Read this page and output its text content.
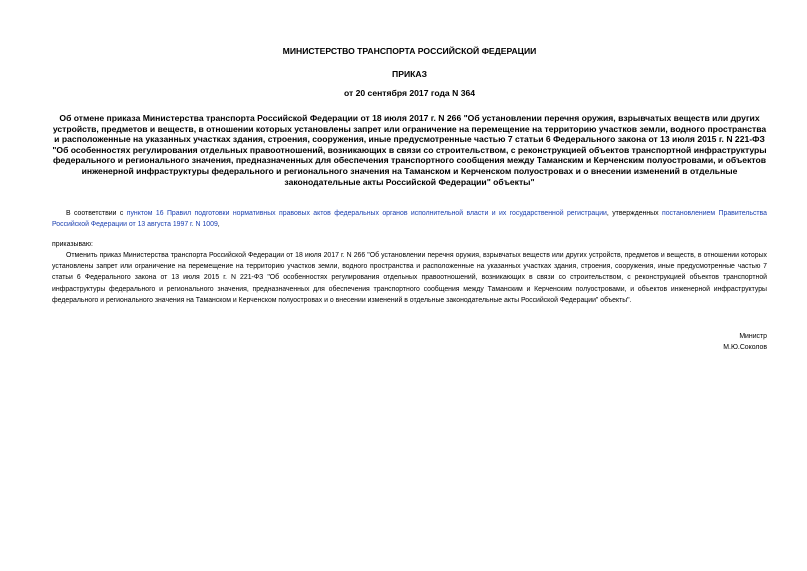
МИНИСТЕРСТВО ТРАНСПОРТА РОССИЙСКОЙ ФЕДЕРАЦИИ
ПРИКАЗ
от 20 сентября 2017 года N 364
Об отмене приказа Министерства транспорта Российской Федерации от 18 июля 2017 г. N 266 "Об установлении перечня оружия, взрывчатых веществ или других устройств, предметов и веществ, в отношении которых установлены запрет или ограничение на перемещение на территорию участков земли, водного пространства и расположенные на указанных участках здания, строения, сооружения, иные предусмотренные частью 7 статьи 6 Федерального закона от 13 июля 2015 г. N 221-ФЗ "Об особенностях регулирования отдельных правоотношений, возникающих в связи со строительством, с реконструкцией объектов транспортной инфраструктуры федерального и регионального значения, предназначенных для обеспечения транспортного сообщения между Таманским и Керченским полуостровами, и объектов инженерной инфраструктуры федерального и регионального значения на Таманском и Керченском полуостровах и о внесении изменений в отдельные законодательные акты Российской Федерации" объекты"
В соответствии с пунктом 16 Правил подготовки нормативных правовых актов федеральных органов исполнительной власти и их государственной регистрации, утвержденных постановлением Правительства Российской Федерации от 13 августа 1997 г. N 1009,
приказываю:
Отменить приказ Министерства транспорта Российской Федерации от 18 июля 2017 г. N 266 "Об установлении перечня оружия, взрывчатых веществ или других устройств, предметов и веществ, в отношении которых установлены запрет или ограничение на перемещение на территорию участков земли, водного пространства и расположенные на указанных участках здания, строения, сооружения, иные предусмотренные частью 7 статьи 6 Федерального закона от 13 июля 2015 г. N 221-ФЗ "Об особенностях регулирования отдельных правоотношений, возникающих в связи со строительством, с реконструкцией объектов транспортной инфраструктуры федерального и регионального значения, предназначенных для обеспечения транспортного сообщения между Таманским и Керченским полуостровами, и объектов инженерной инфраструктуры федерального и регионального значения на Таманском и Керченском полуостровах и о внесении изменений в отдельные законодательные акты Российской Федерации" объекты".
Министр
М.Ю.Соколов
